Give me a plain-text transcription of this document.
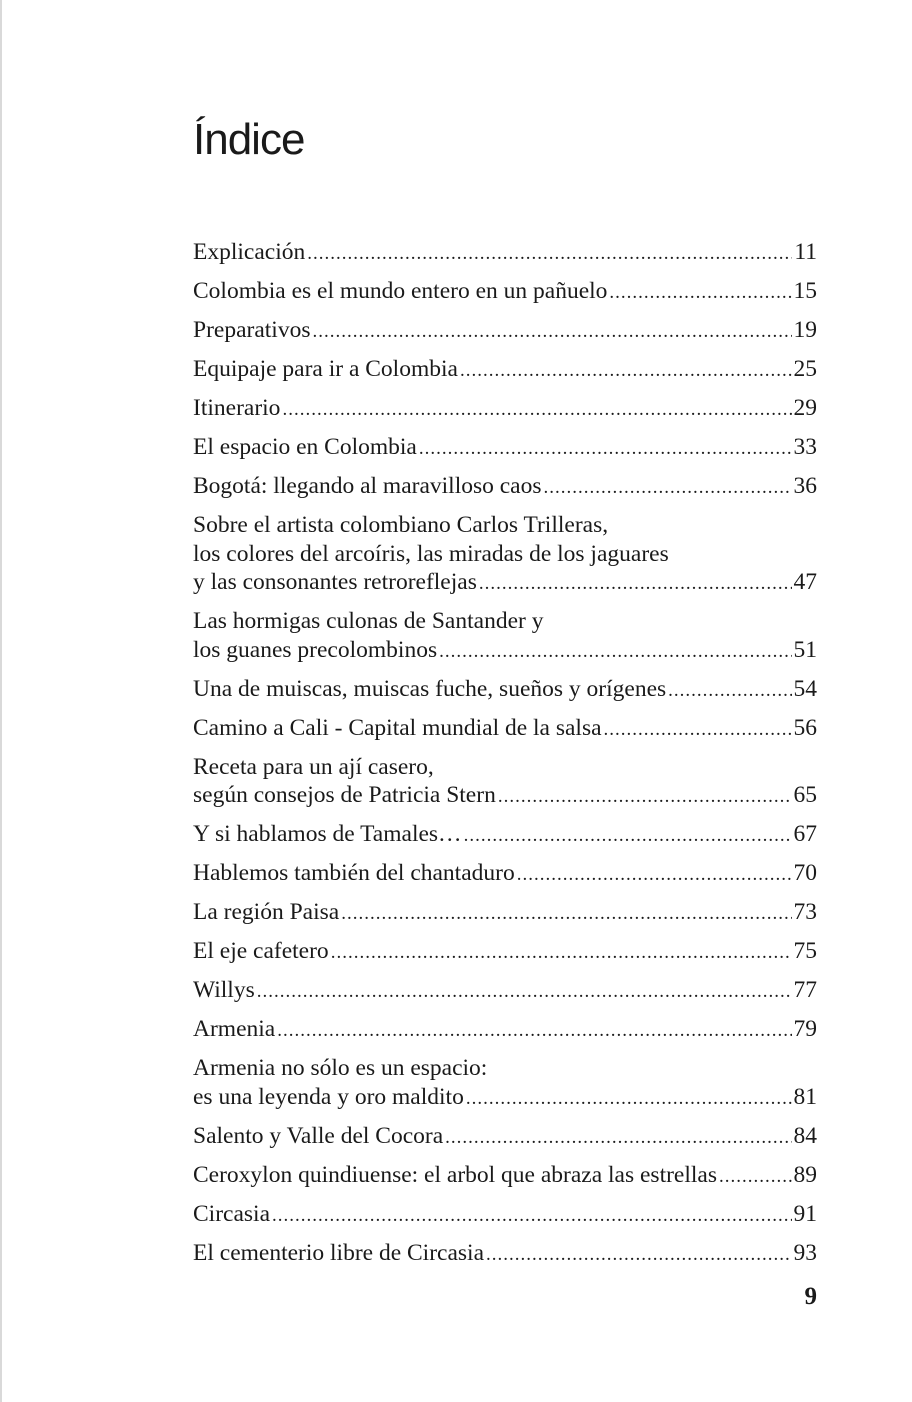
Índice
Explicación .....	11
Colombia es el mundo entero en un pañuelo .....	15
Preparativos .....	19
Equipaje para ir a Colombia .....	25
Itinerario .....	29
El espacio en Colombia .....	33
Bogotá: llegando al maravilloso caos .....	36
Sobre el artista colombiano Carlos Trilleras,
los colores del arcoíris, las miradas de los jaguares
y las consonantes retroreflejas .....	47
Las hormigas culonas de Santander y
los guanes precolombinos .....	51
Una de muiscas, muiscas fuche, sueños y orígenes .....	54
Camino a Cali - Capital mundial de la salsa .....	56
Receta para un ají casero,
según consejos de Patricia Stern .....	65
Y si hablamos de Tamales… .....	67
Hablemos también del chantaduro .....	70
La región Paisa .....	73
El eje cafetero .....	75
Willys .....	77
Armenia .....	79
Armenia no sólo es un espacio:
es una leyenda y oro maldito .....	81
Salento y Valle del Cocora .....	84
Ceroxylon quindiuense: el arbol que abraza las estrellas .....	89
Circasia .....	91
El cementerio libre de Circasia .....	93
9
